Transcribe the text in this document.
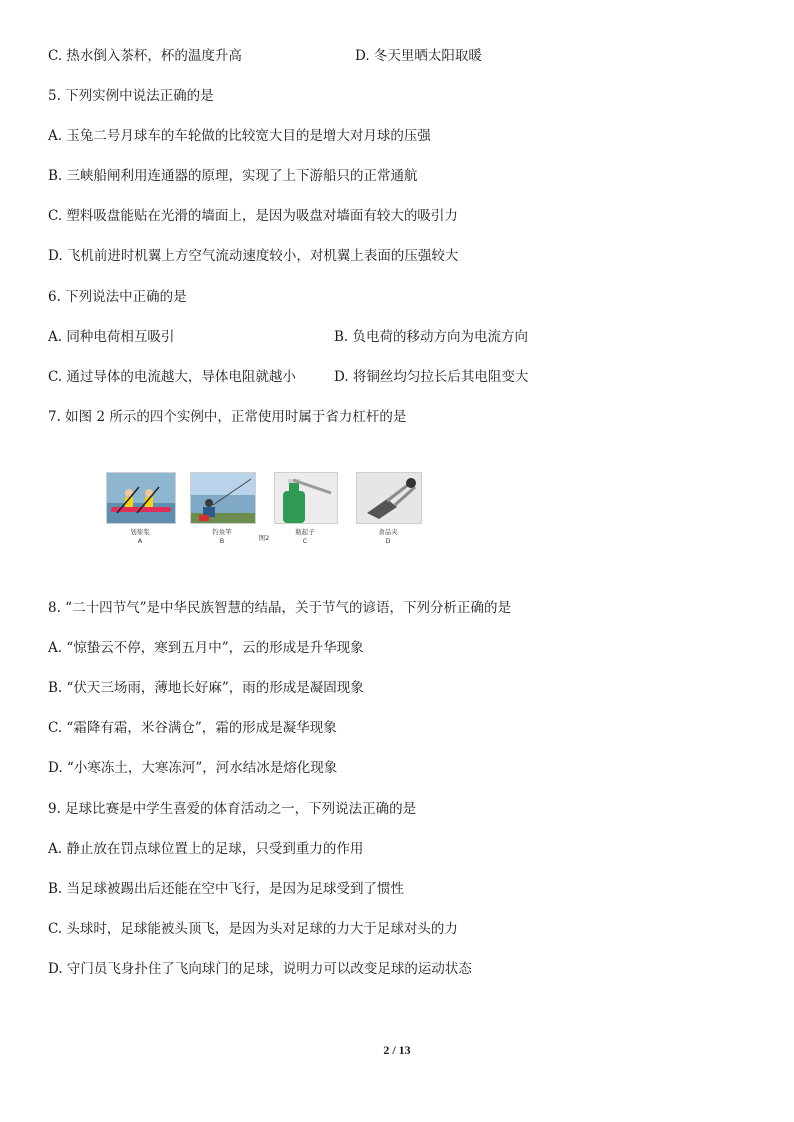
C. 热水倒入茶杯，杯的温度升高	D. 冬天里晒太阳取暖
5. 下列实例中说法正确的是
A. 玉兔二号月球车的车轮做的比较宽大目的是增大对月球的压强
B. 三峡船闸利用连通器的原理，实现了上下游船只的正常通航
C. 塑料吸盘能贴在光滑的墙面上，是因为吸盘对墙面有较大的吸引力
D. 飞机前进时机翼上方空气流动速度较小，对机翼上表面的压强较大
6. 下列说法中正确的是
A. 同种电荷相互吸引	B. 负电荷的移动方向为电流方向
C. 通过导体的电流越大，导体电阻就越小	D. 将铜丝均匀拉长后其电阻变大
7. 如图 2 所示的四个实例中，正常使用时属于省力杠杆的是
划桨浆
A
钓鱼竿
B	图2
瓶起子
C
食品夹
D
8. “二十四节气”是中华民族智慧的结晶，关于节气的谚语，下列分析正确的是
A. “惊蛰云不停，寒到五月中”，云的形成是升华现象
B. “伏天三场雨，薄地长好麻”，雨的形成是凝固现象
C. “霜降有霜，米谷满仓”，霜的形成是凝华现象
D. “小寒冻土，大寒冻河”，河水结冰是熔化现象
9. 足球比赛是中学生喜爱的体育活动之一，下列说法正确的是
A. 静止放在罚点球位置上的足球，只受到重力的作用
B. 当足球被踢出后还能在空中飞行，是因为足球受到了惯性
C. 头球时，足球能被头顶飞，是因为头对足球的力大于足球对头的力
D. 守门员飞身扑住了飞向球门的足球，说明力可以改变足球的运动状态
2 / 13
